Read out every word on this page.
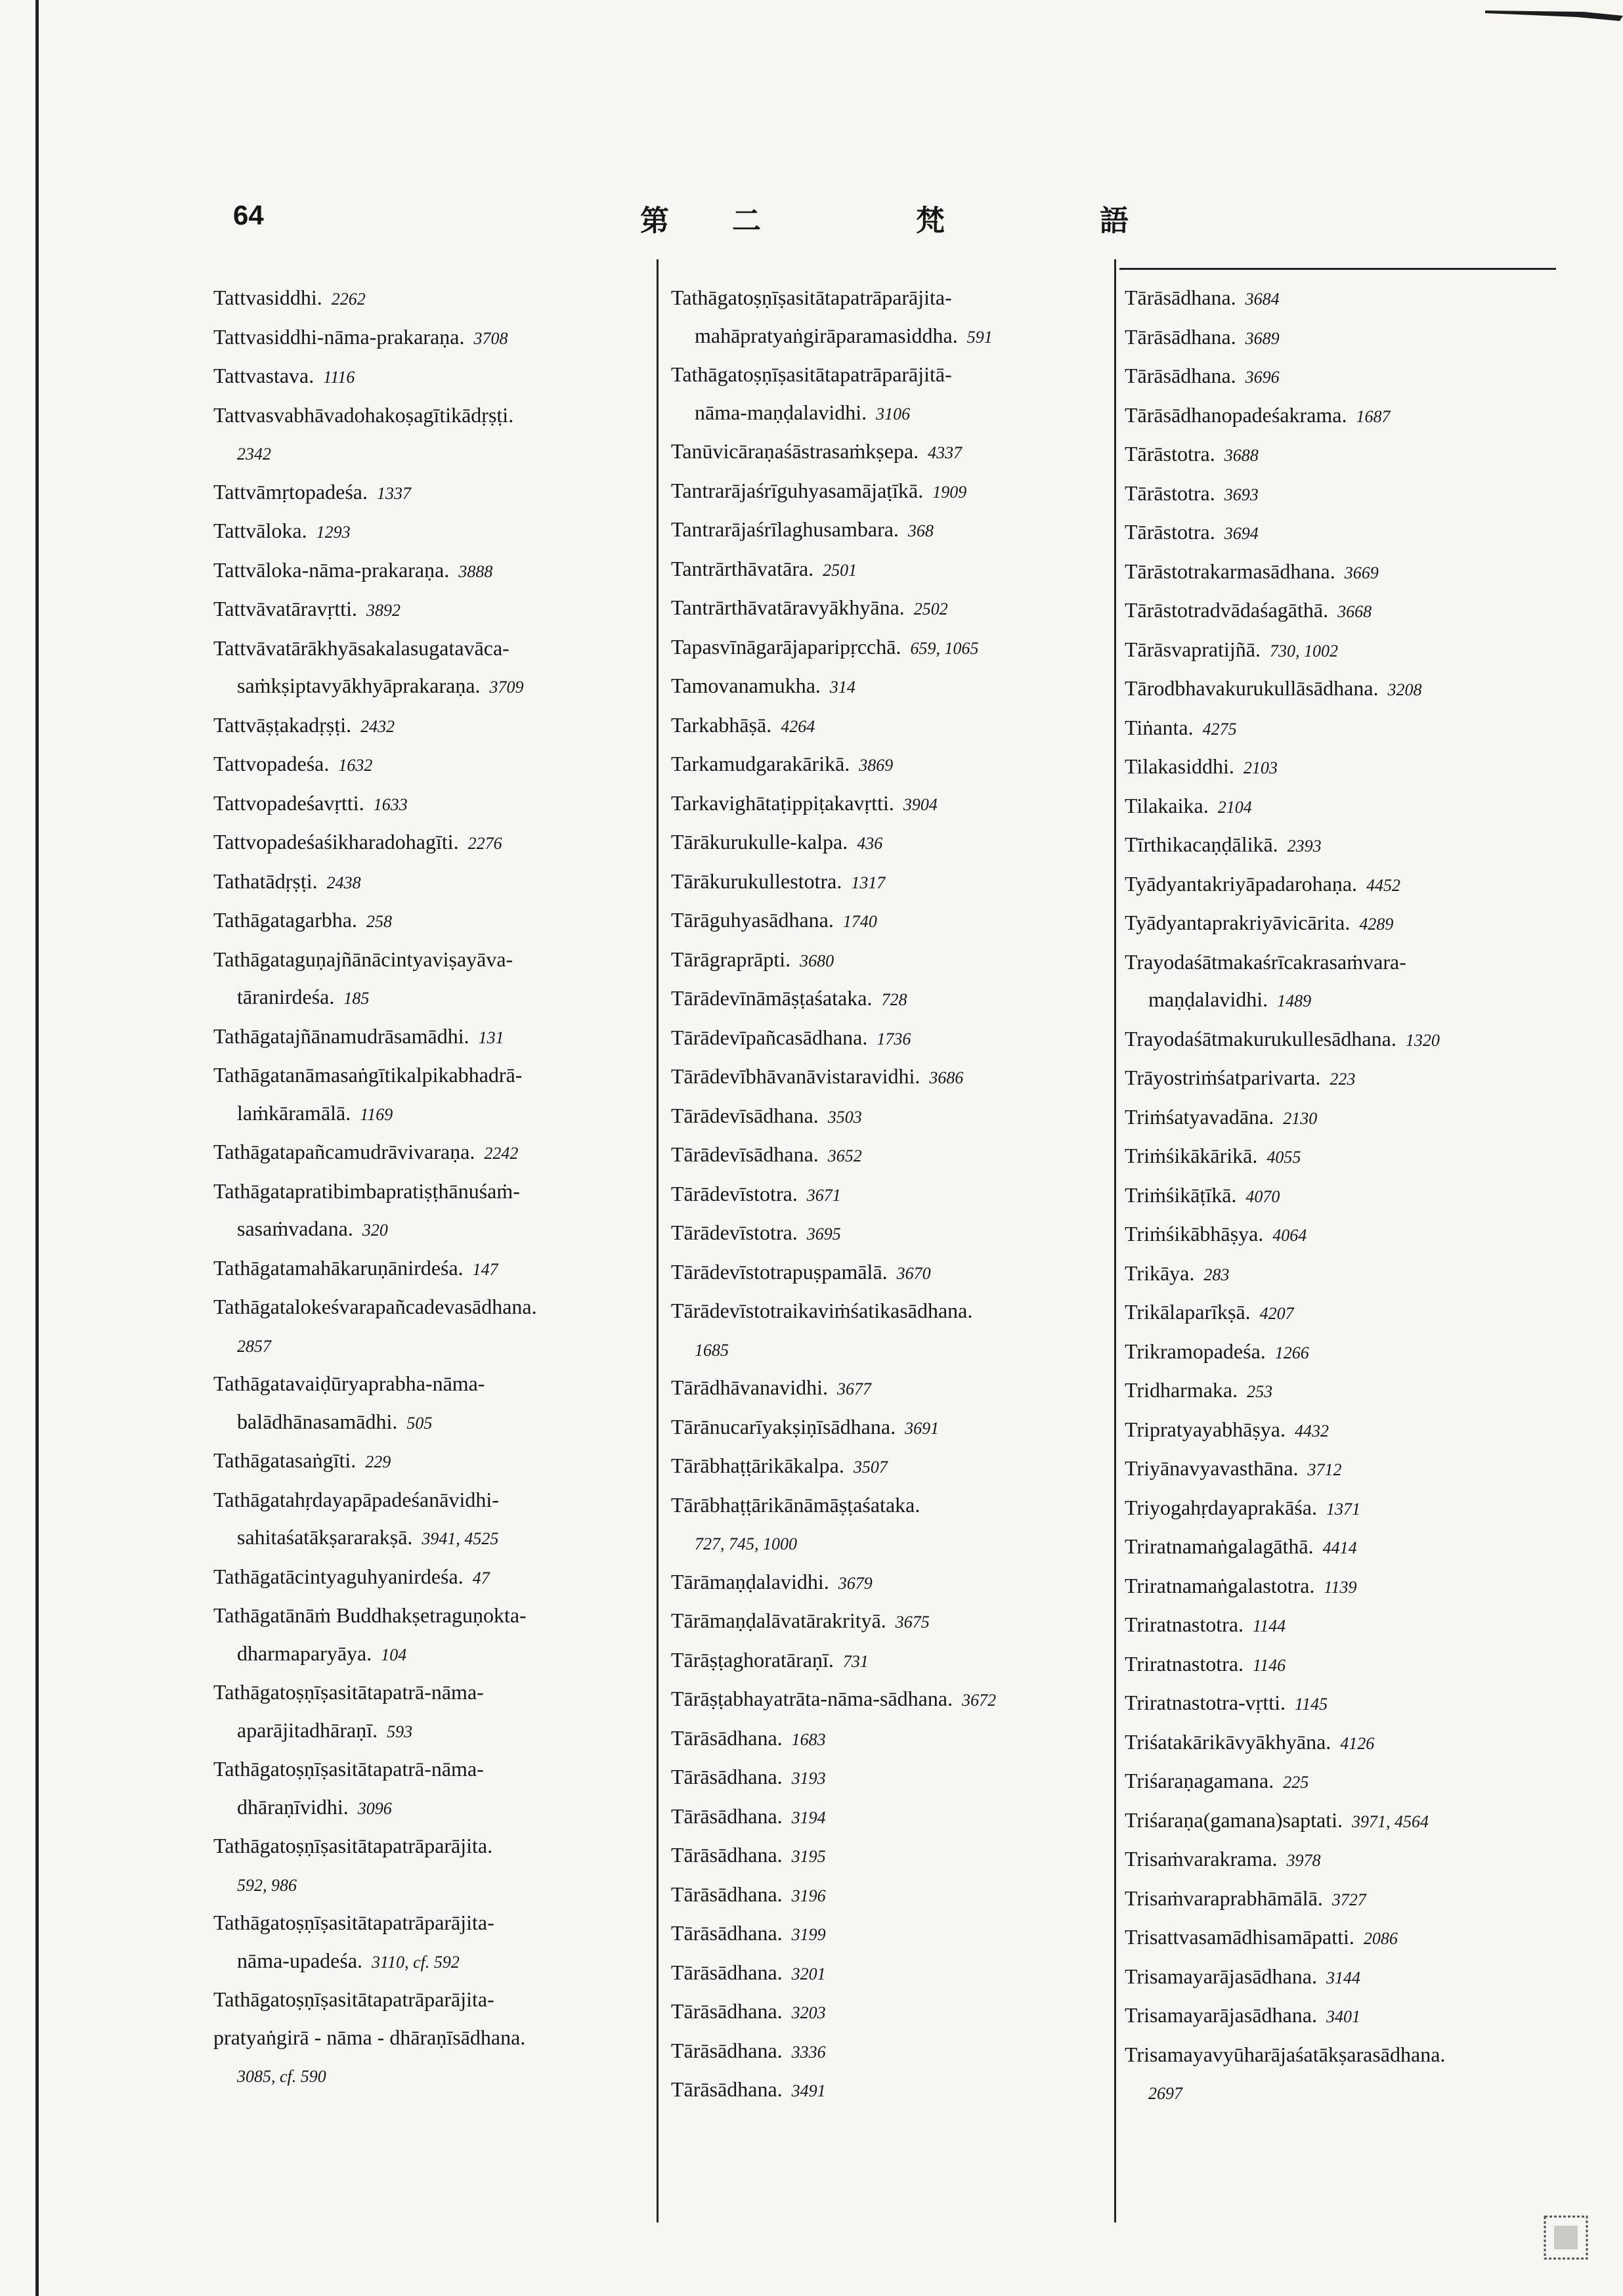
64	第 二	梵	語
Tattvasiddhi. 2262
Tattvasiddhi-nāma-prakaraṇa. 3708
Tattvastava. 1116
Tattvasvabhāvadohakoṣagītikādṛṣṭi.
2342
Tattvāmṛtopadeśa. 1337
Tattvāloka. 1293
Tattvāloka-nāma-prakaraṇa. 3888
Tattvāvatāravṛtti. 3892
Tattvāvatārākhyāsakalasugatavāca-
saṁkṣiptavyākhyāprakaraṇa. 3709
Tattvāṣṭakadṛṣṭi. 2432
Tattvopadeśa. 1632
Tattvopadeśavṛtti. 1633
Tattvopadeśaśikharadohagīti. 2276
Tathatādṛṣṭi. 2438
Tathāgatagarbha. 258
Tathāgataguṇajñānācintyaviṣayāva-
tāranirdeśa. 185
Tathāgatajñānamudrāsamādhi. 131
Tathāgatanāmasaṅgītikalpikabhadrā-
laṁkāramālā. 1169
Tathāgatapañcamudrāvivaraṇa. 2242
Tathāgatapratibimbapratiṣṭhānuśaṁ-
sasaṁvadana. 320
Tathāgatamahākaruṇānirdeśa. 147
Tathāgatalokeśvarapañcadevasādhana.
2857
Tathāgatavaiḍūryaprabha-nāma-
balādhānasamādhi. 505
Tathāgatasaṅgīti. 229
Tathāgatahṛdayapāpadeśanāvidhi-
sahitaśatākṣararakṣā. 3941, 4525
Tathāgatācintyaguhyanirdeśa. 47
Tathāgatānāṁ Buddhakṣetraguṇokta-
dharmaparyāya. 104
Tathāgatoṣṇīṣasitātapatrā-nāma-
aparājitadhāraṇī. 593
Tathāgatoṣṇīṣasitātapatrā-nāma-
dhāraṇīvidhi. 3096
Tathāgatoṣṇīṣasitātapatrāparājita.
592, 986
Tathāgatoṣṇīṣasitātapatrāparājita-
nāma-upadeśa. 3110, cf. 592
Tathāgatoṣṇīṣasitātapatrāparājita-
pratyaṅgirā - nāma - dhāraṇīsādhana.
3085, cf. 590
Tathāgatoṣṇīṣasitātapatrāparājita-
mahāpratyaṅgirāparamasiddha. 591
Tathāgatoṣṇīṣasitātapatrāparājitā-
nāma-maṇḍalavidhi. 3106
Tanūvicāraṇaśāstrasaṁkṣepa. 4337
Tantrarājaśrīguhyasamājaṭīkā. 1909
Tantrarājaśrīlaghusambara. 368
Tantrārthāvatāra. 2501
Tantrārthāvatāravyākhyāna. 2502
Tapasvīnāgarājaparipṛcchā. 659, 1065
Tamovanamukha. 314
Tarkabhāṣā. 4264
Tarkamudgarakārikā. 3869
Tarkavighātaṭippiṭakavṛtti. 3904
Tārākurukulle-kalpa. 436
Tārākurukullestotra. 1317
Tārāguhyasādhana. 1740
Tārāgraprāpti. 3680
Tārādevīnāmāṣṭaśataka. 728
Tārādevīpañcasādhana. 1736
Tārādevībhāvanāvistaravidhi. 3686
Tārādevīsādhana. 3503
Tārādevīsādhana. 3652
Tārādevīstotra. 3671
Tārādevīstotra. 3695
Tārādevīstotrapuṣpamālā. 3670
Tārādevīstotraikaviṁśatikasādhana.
1685
Tārādhāvanavidhi. 3677
Tārānucarīyakṣiṇīsādhana. 3691
Tārābhaṭṭārikākalpa. 3507
Tārābhaṭṭārikānāmāṣṭaśataka.
727, 745, 1000
Tārāmaṇḍalavidhi. 3679
Tārāmaṇḍalāvatārakrityā. 3675
Tārāṣṭaghoratāraṇī. 731
Tārāṣṭabhayatrāta-nāma-sādhana. 3672
Tārāsādhana. 1683
Tārāsādhana. 3193
Tārāsādhana. 3194
Tārāsādhana. 3195
Tārāsādhana. 3196
Tārāsādhana. 3199
Tārāsādhana. 3201
Tārāsādhana. 3203
Tārāsādhana. 3336
Tārāsādhana. 3491
Tārāsādhana. 3684
Tārāsādhana. 3689
Tārāsādhana. 3696
Tārāsādhanopadeśakrama. 1687
Tārāstotra. 3688
Tārāstotra. 3693
Tārāstotra. 3694
Tārāstotrakarmasādhana. 3669
Tārāstotradvādaśagāthā. 3668
Tārāsvapratijñā. 730, 1002
Tārodbhavakurukullāsādhana. 3208
Tiṅanta. 4275
Tilakasiddhi. 2103
Tilakaika. 2104
Tīrthikacaṇḍālikā. 2393
Tyādyantakriyāpadarohaṇa. 4452
Tyādyantaprakriyāvicārita. 4289
Trayodaśātmakaśrīcakrasaṁvara-
maṇḍalavidhi. 1489
Trayodaśātmakurukullesādhana. 1320
Trāyostriṁśatparivarta. 223
Triṁśatyavadāna. 2130
Triṁśikākārikā. 4055
Triṁśikāṭīkā. 4070
Triṁśikābhāṣya. 4064
Trikāya. 283
Trikālaparīkṣā. 4207
Trikramopadeśa. 1266
Tridharmaka. 253
Tripratyayabhāṣya. 4432
Triyānavyavasthāna. 3712
Triyogahṛdayaprakāśa. 1371
Triratnamaṅgalagāthā. 4414
Triratnamaṅgalastotra. 1139
Triratnastotra. 1144
Triratnastotra. 1146
Triratnastotra-vṛtti. 1145
Triśatakārikāvyākhyāna. 4126
Triśaraṇagamana. 225
Triśaraṇa(gamana)saptati. 3971, 4564
Trisaṁvarakrama. 3978
Trisaṁvaraprabhāmālā. 3727
Trisattvasamādhisamāpatti. 2086
Trisamayarājasādhana. 3144
Trisamayarājasādhana. 3401
Trisamayavyūharājaśatākṣarasādhana.
2697
